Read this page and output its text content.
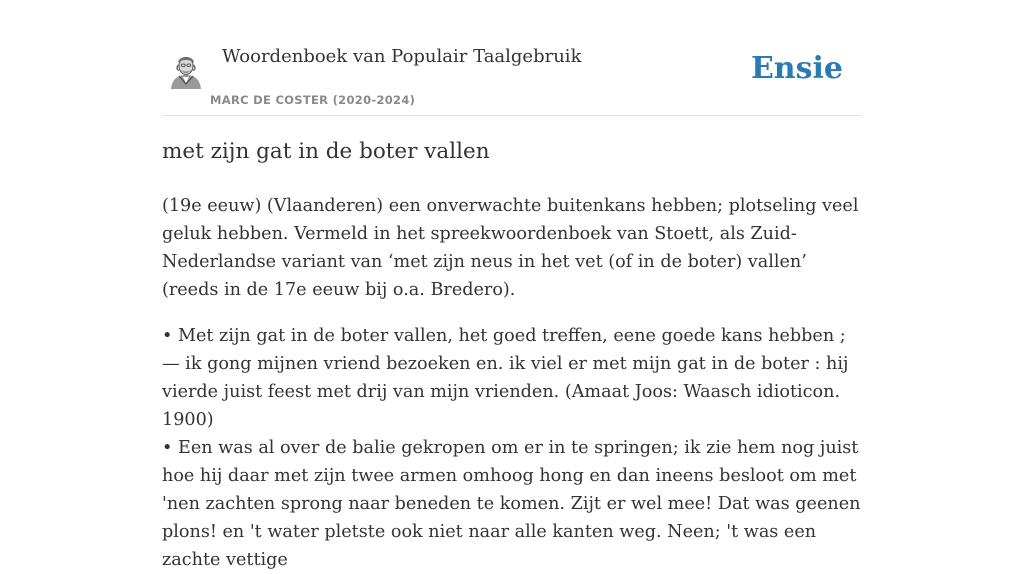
Woordenboek van Populair Taalgebruik
MARC DE COSTER (2020-2024)
Ensie
met zijn gat in de boter vallen

(19e eeuw) (Vlaanderen) een onverwachte buitenkans hebben; plotseling veel geluk hebben. Vermeld in het spreekwoordenboek van Stoett, als Zuid-Nederlandse variant van ‘met zijn neus in het vet (of in de boter) vallen’ (reeds in de 17e eeuw bij o.a. Bredero).

• Met zijn gat in de boter vallen, het goed treffen, eene goede kans hebben ; — ik gong mijnen vriend bezoeken en. ik viel er met mijn gat in de boter : hij vierde juist feest met drij van mijn vrienden. (Amaat Joos: Waasch idioticon. 1900)

• Een was al over de balie gekropen om er in te springen; ik zie hem nog juist hoe hij daar met zijn twee armen omhoog hong en dan ineens besloot om met 'nen zachten sprong naar beneden te komen. Zijt er wel mee! Dat was geenen plons! en 't water pletste ook niet naar alle kanten weg. Neen; 't was een zachte vettige
